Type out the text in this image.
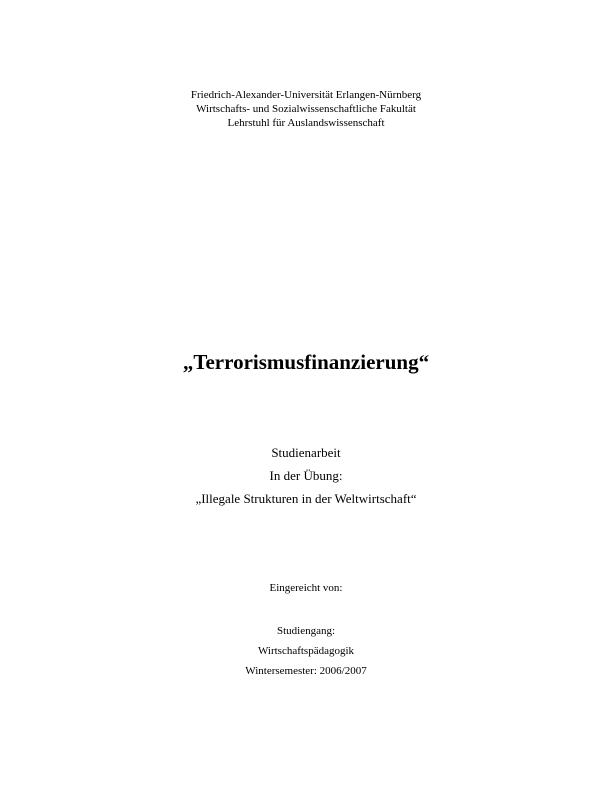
Friedrich-Alexander-Universität Erlangen-Nürnberg
Wirtschafts- und Sozialwissenschaftliche Fakultät
Lehrstuhl für Auslandswissenschaft
„Terrorismusfinanzierung“
Studienarbeit
In der Übung:
„Illegale Strukturen in der Weltwirtschaft“
Eingereicht von:
Studiengang:
Wirtschaftspädagogik
Wintersemester: 2006/2007
